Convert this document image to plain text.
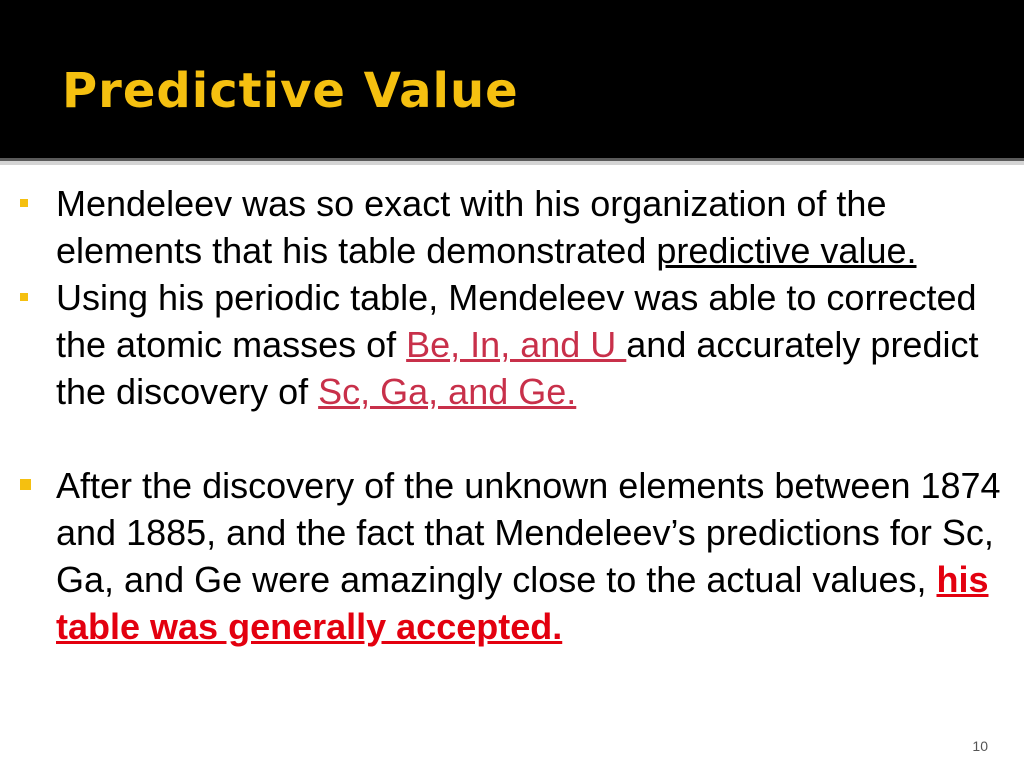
Predictive Value
Mendeleev was so exact with his organization of the elements that his table demonstrated predictive value.
Using his periodic table, Mendeleev was able to corrected the atomic masses of Be, In, and U and accurately predict the discovery of Sc, Ga, and Ge.
After the discovery of the unknown elements between 1874 and 1885, and the fact that Mendeleev’s predictions for Sc, Ga, and Ge were amazingly close to the actual values, his table was generally accepted.
10
